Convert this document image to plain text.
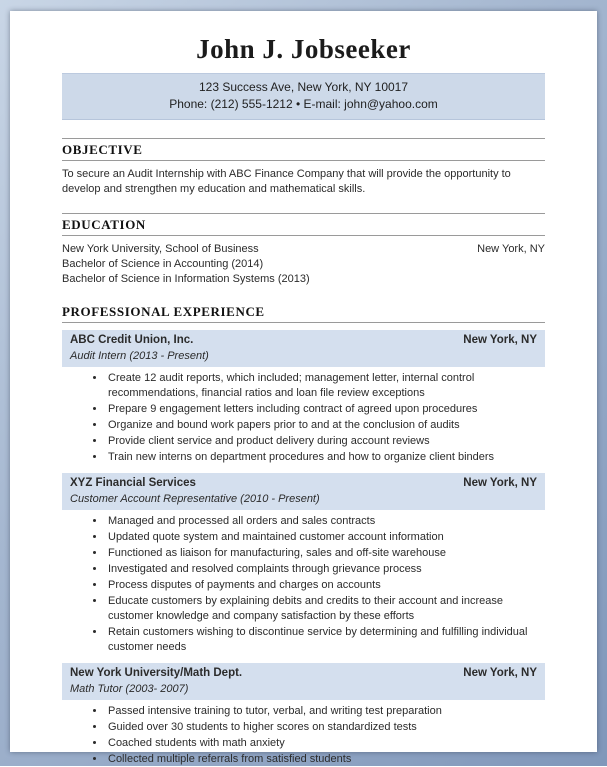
John J. Jobseeker
123 Success Ave, New York, NY 10017
Phone: (212) 555-1212 • E-mail: john@yahoo.com
OBJECTIVE
To secure an Audit Internship with ABC Finance Company that will provide the opportunity to develop and strengthen my education and mathematical skills.
EDUCATION
New York University, School of Business	New York, NY
Bachelor of Science in Accounting (2014)
Bachelor of Science in Information Systems (2013)
PROFESSIONAL EXPERIENCE
ABC Credit Union, Inc.	New York, NY
Audit Intern (2013 - Present)
• Create 12 audit reports, which included; management letter, internal control recommendations, financial ratios and loan file review exceptions
• Prepare 9 engagement letters including contract of agreed upon procedures
• Organize and bound work papers prior to and at the conclusion of audits
• Provide client service and product delivery during account reviews
• Train new interns on department procedures and how to organize client binders
XYZ Financial Services	New York, NY
Customer Account Representative (2010 - Present)
• Managed and processed all orders and sales contracts
• Updated quote system and maintained customer account information
• Functioned as liaison for manufacturing, sales and off-site warehouse
• Investigated and resolved complaints through grievance process
• Process disputes of payments and charges on accounts
• Educate customers by explaining debits and credits to their account and increase customer knowledge and company satisfaction by these efforts
• Retain customers wishing to discontinue service by determining and fulfilling individual customer needs
New York University/Math Dept.	New York, NY
Math Tutor (2003- 2007)
• Passed intensive training to tutor, verbal, and writing test preparation
• Guided over 30 students to higher scores on standardized tests
• Coached students with math anxiety
• Collected multiple referrals from satisfied students
